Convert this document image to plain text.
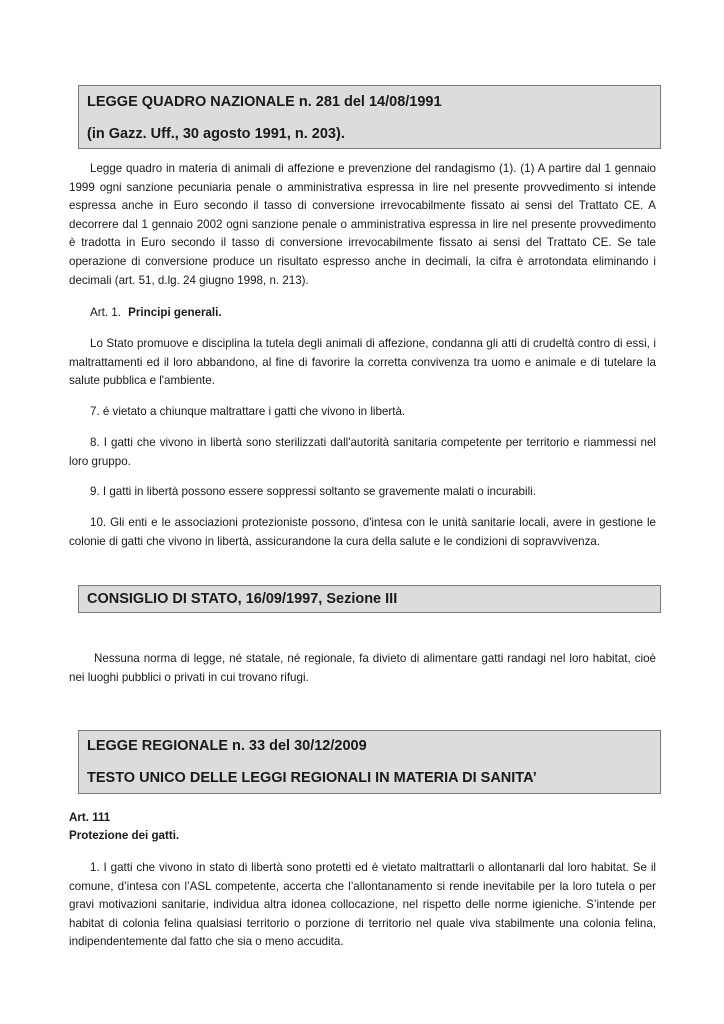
LEGGE QUADRO NAZIONALE n. 281 del 14/08/1991
(in Gazz. Uff., 30 agosto 1991, n. 203).
Legge quadro in materia di animali di affezione e prevenzione del randagismo (1). (1) A partire dal 1 gennaio 1999 ogni sanzione pecuniaria penale o amministrativa espressa in lire nel presente provvedimento si intende espressa anche in Euro secondo il tasso di conversione irrevocabilmente fissato ai sensi del Trattato CE. A decorrere dal 1 gennaio 2002 ogni sanzione penale o amministrativa espressa in lire nel presente provvedimento è tradotta in Euro secondo il tasso di conversione irrevocabilmente fissato ai sensi del Trattato CE. Se tale operazione di conversione produce un risultato espresso anche in decimali, la cifra è arrotondata eliminando i decimali (art. 51, d.lg. 24 giugno 1998, n. 213).
Art. 1. Principi generali.
Lo Stato promuove e disciplina la tutela degli animali di affezione, condanna gli atti di crudeltà contro di essi, i maltrattamenti ed il loro abbandono, al fine di favorire la corretta convivenza tra uomo e animale e di tutelare la salute pubblica e l'ambiente.
7. é vietato a chiunque maltrattare i gatti che vivono in libertà.
8. I gatti che vivono in libertà sono sterilizzati dall'autorità sanitaria competente per territorio e riammessi nel loro gruppo.
9. I gatti in libertà possono essere soppressi soltanto se gravemente malati o incurabili.
10. Gli enti e le associazioni protezioniste possono, d'intesa con le unità sanitarie locali, avere in gestione le colonie di gatti che vivono in libertà, assicurandone la cura della salute e le condizioni di sopravvivenza.
CONSIGLIO DI STATO, 16/09/1997, Sezione III
Nessuna norma di legge, né statale, né regionale, fa divieto di alimentare gatti randagi nel loro habitat, cioè nei luoghi pubblici o privati in cui trovano rifugi.
LEGGE REGIONALE n. 33 del 30/12/2009
TESTO UNICO DELLE LEGGI REGIONALI IN MATERIA DI SANITA’
Art. 111
Protezione dei gatti.
1. I gatti che vivono in stato di libertà sono protetti ed è vietato maltrattarli o allontanarli dal loro habitat. Se il comune, d’intesa con l’ASL competente, accerta che l’allontanamento si rende inevitabile per la loro tutela o per gravi motivazioni sanitarie, individua altra idonea collocazione, nel rispetto delle norme igieniche. S’intende per habitat di colonia felina qualsiasi territorio o porzione di territorio nel quale viva stabilmente una colonia felina, indipendentemente dal fatto che sia o meno accudita.
